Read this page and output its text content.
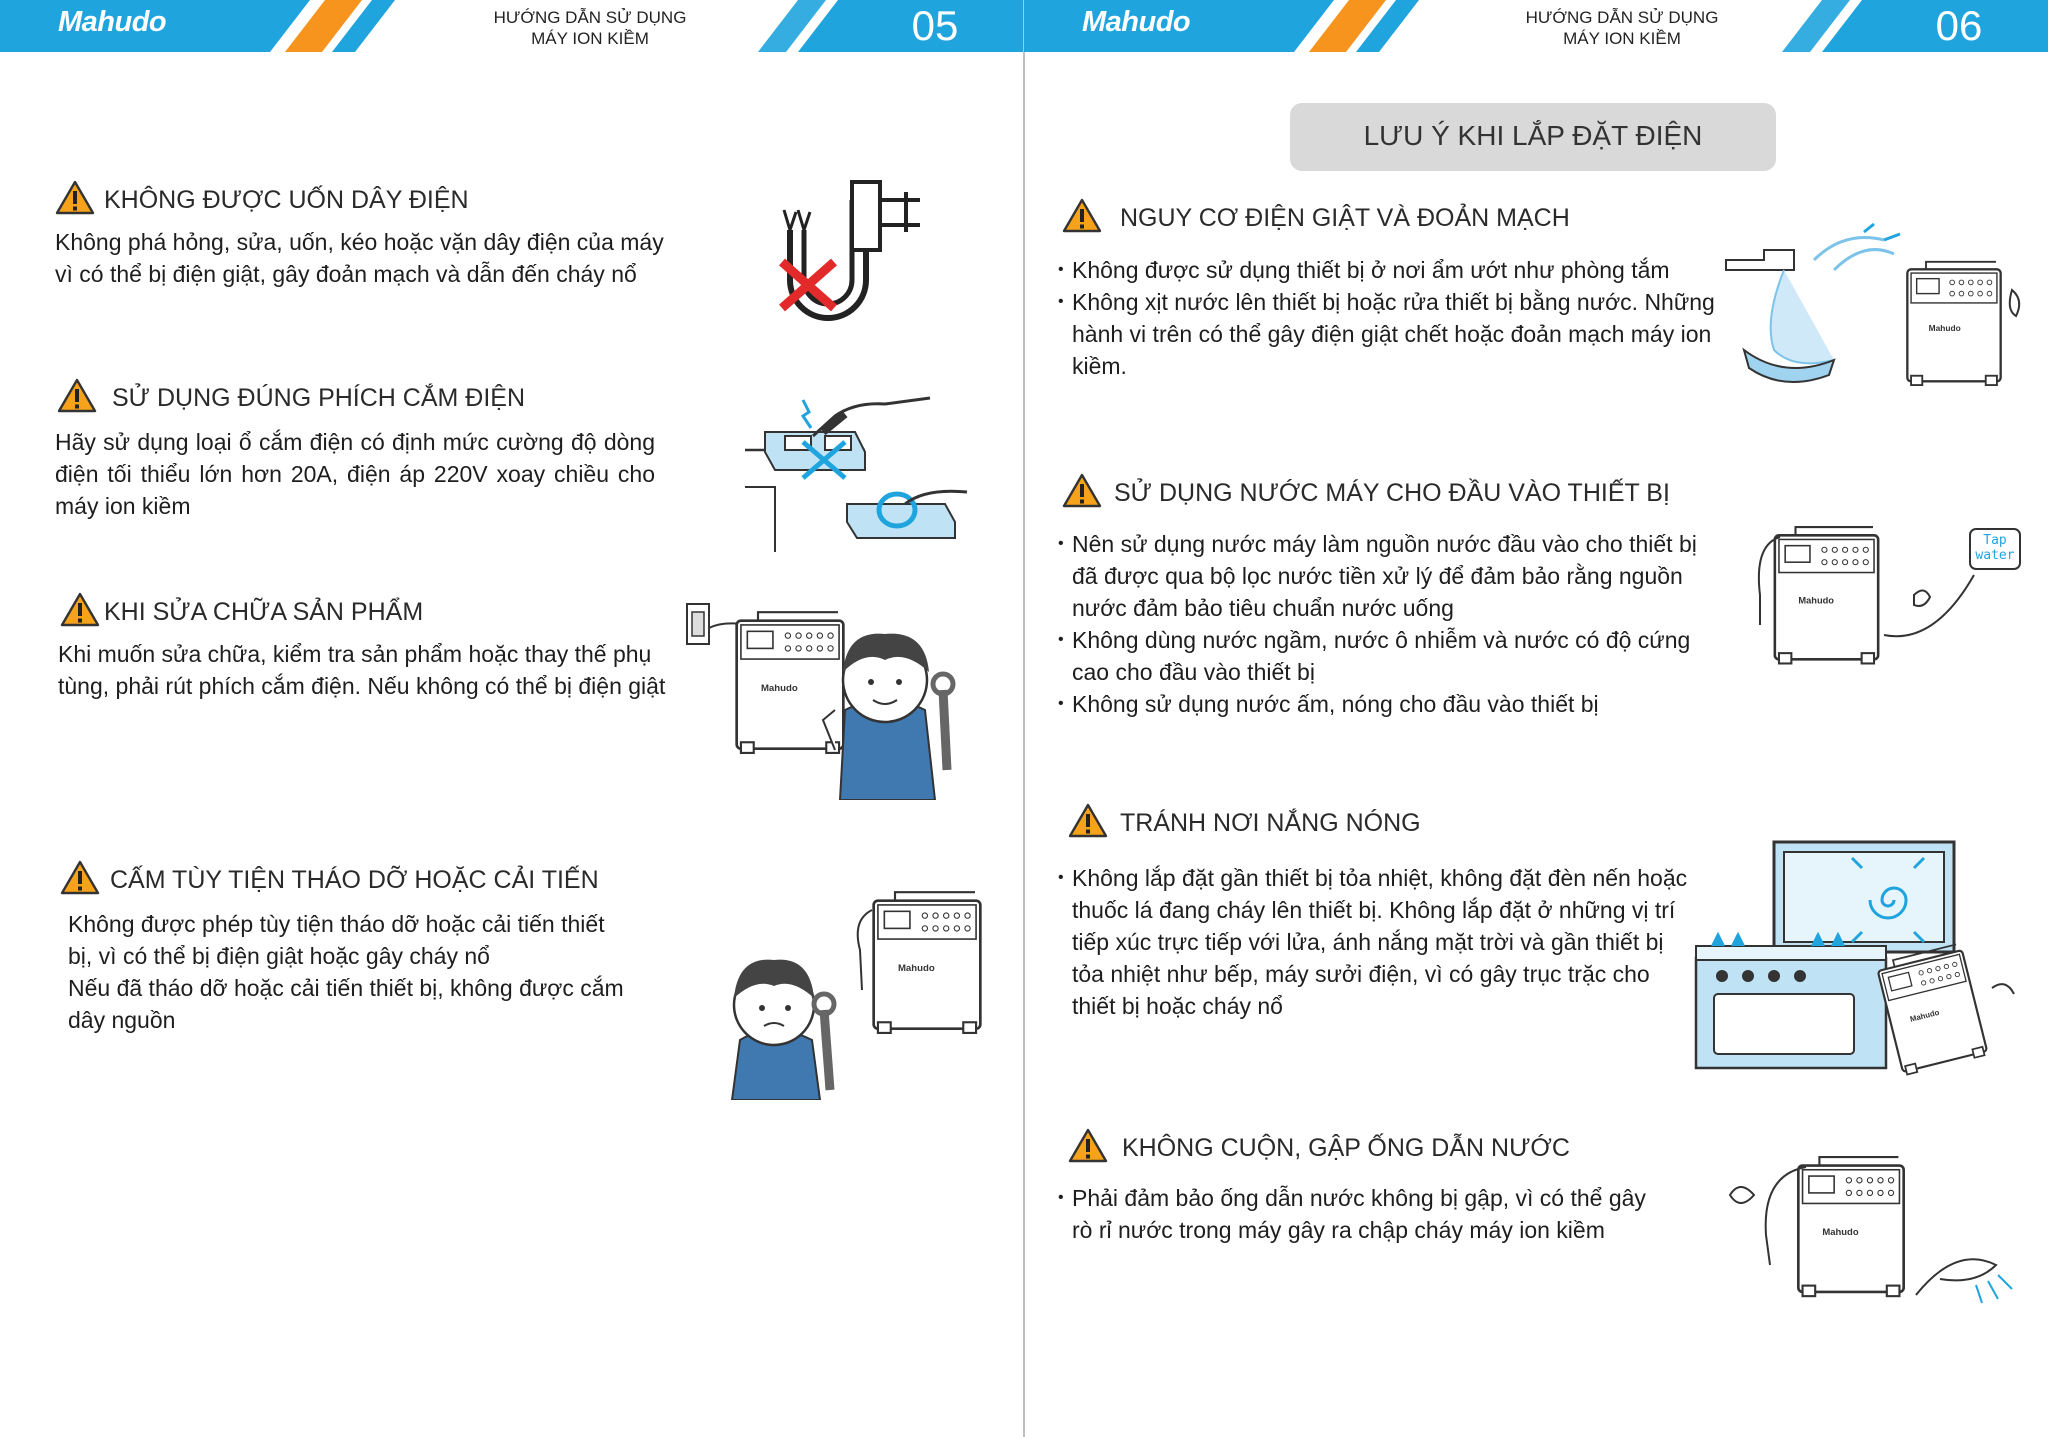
Mahudo	HƯỚNG DẪN SỬ DỤNG
MÁY ION KIỀM	05
KHÔNG ĐƯỢC UỐN DÂY ĐIỆN
Không phá hỏng, sửa, uốn, kéo hoặc vặn dây điện của máy vì có thể bị điện giật, gây đoản mạch và dẫn đến cháy nổ
SỬ DỤNG ĐÚNG PHÍCH CẮM ĐIỆN
Hãy sử dụng loại ổ cắm điện có định mức cường độ dòng điện tối thiểu lớn hơn 20A, điện áp 220V xoay chiều cho máy ion kiềm
KHI SỬA CHỮA SẢN PHẨM
Khi muốn sửa chữa, kiểm tra sản phẩm hoặc thay thế phụ tùng, phải rút phích cắm điện. Nếu không có thể bị điện giật
CẤM TÙY TIỆN THÁO DỠ HOẶC CẢI TIẾN

Không được phép tùy tiện tháo dỡ hoặc cải tiến thiết bị, vì có thể bị điện giật hoặc gây cháy nổ

Nếu đã tháo dỡ hoặc cải tiến thiết bị, không được cắm dây nguồn

Mahudo	HƯỚNG DẪN SỬ DỤNG
MÁY ION KIỀM	06
LƯU Ý KHI LẮP ĐẶT ĐIỆN
NGUY CƠ ĐIỆN GIẬT VÀ ĐOẢN MẠCH
• Không được sử dụng thiết bị ở nơi ẩm ướt như phòng tắm
• Không xịt nước lên thiết bị hoặc rửa thiết bị bằng nước. Những hành vi trên có thể gây điện giật chết hoặc đoản mạch máy ion kiềm.
SỬ DỤNG NƯỚC MÁY CHO ĐẦU VÀO THIẾT BỊ
• Nên sử dụng nước máy làm nguồn nước đầu vào cho thiết bị đã được qua bộ lọc nước tiền xử lý để đảm bảo rằng nguồn nước đảm bảo tiêu chuẩn nước uống
• Không dùng nước ngầm, nước ô nhiễm và nước có độ cứng cao cho đầu vào thiết bị
• Không sử dụng nước ấm, nóng cho đầu vào thiết bị
Tap water
TRÁNH NƠI NẮNG NÓNG
• Không lắp đặt gần thiết bị tỏa nhiệt, không đặt đèn nến hoặc thuốc lá đang cháy lên thiết bị. Không lắp đặt ở những vị trí tiếp xúc trực tiếp với lửa, ánh nắng mặt trời và gần thiết bị tỏa nhiệt như bếp, máy sưởi điện, vì có gây trục trặc cho thiết bị hoặc cháy nổ
KHÔNG CUỘN, GẬP ỐNG DẪN NƯỚC
• Phải đảm bảo ống dẫn nước không bị gập, vì có thể gây rò rỉ nước trong máy gây ra chập cháy máy ion kiềm
